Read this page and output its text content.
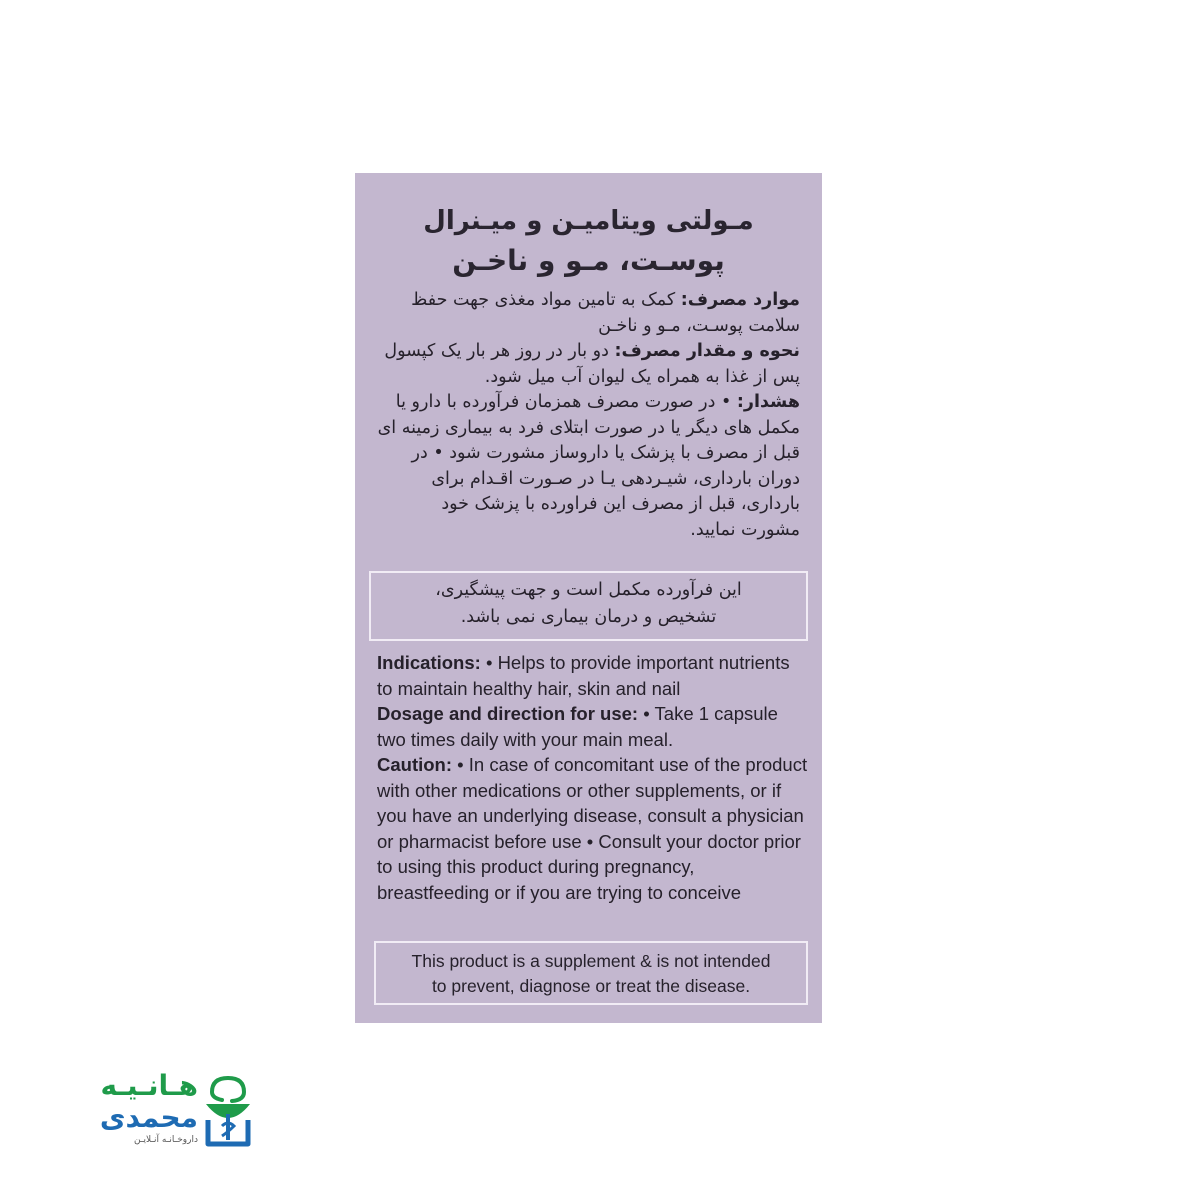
مـولتی ویتامیـن و میـنرال
پوسـت، مـو و ناخـن

موارد مصرف: کمک به تامین مواد مغذی جهت حفظ سلامت پوسـت، مـو و ناخـن

نحوه و مقدار مصرف: دو بار در روز هر بار یک کپسول پس از غذا به همراه یک لیوان آب میل شود.

هشدار: • در صورت مصرف همزمان فرآورده با دارو یا مکمل های دیگر یا در صورت ابتلای فرد به بیماری زمینه ای قبل از مصرف با پزشک یا داروساز مشورت شود • در دوران بارداری، شیـردهی یـا در صـورت اقـدام برای بارداری، قبل از مصرف این فراورده با پزشک خود مشورت نمایید.

این فرآورده مکمل است و جهت پیشگیری،
تشخیص و درمان بیماری نمی باشد.

Indications: • Helps to provide important nutrients to maintain healthy hair, skin and nail

Dosage and direction for use: • Take 1 capsule two times daily with your main meal.

Caution: • In case of concomitant use of the product with other medications or other supplements, or if you have an underlying disease, consult a physician or pharmacist before use • Consult your doctor prior to using this product during pregnancy, breastfeeding or if you are trying to conceive

This product is a supplement & is not intended
to prevent, diagnose or treat the disease.
هـانـیـه
محمدی
داروخـانـه آنـلایـن
